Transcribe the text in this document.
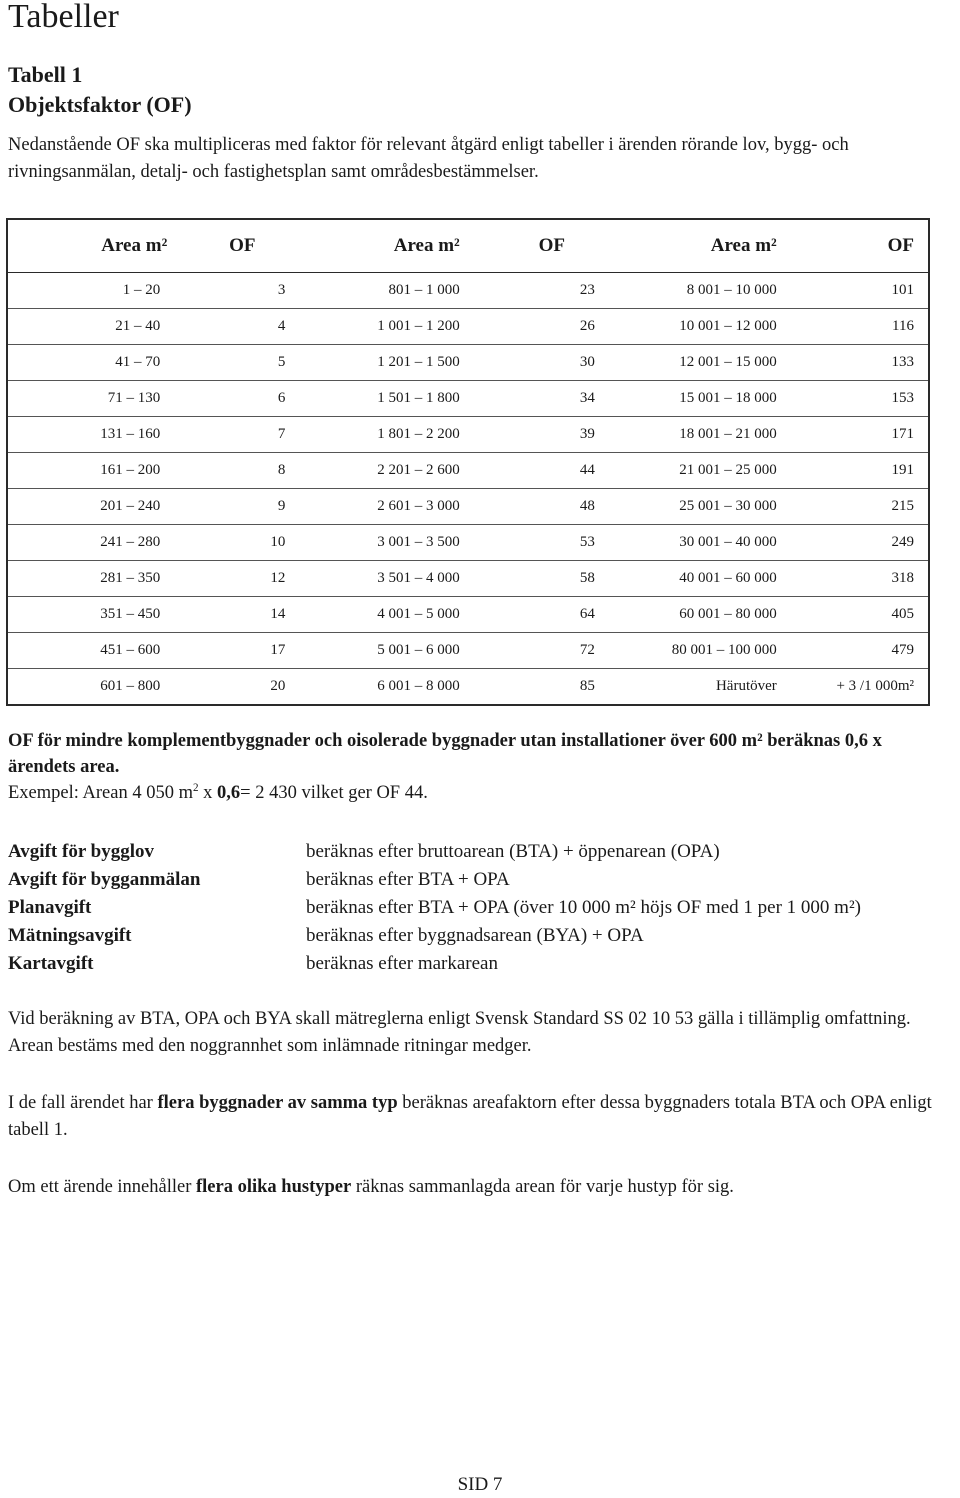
Tabeller
Tabell 1
Objektsfaktor (OF)

Nedanstående OF ska multipliceras med faktor för relevant åtgärd enligt tabeller i ärenden rörande lov, bygg- och rivningsanmälan, detalj- och fastighetsplan samt områdesbestämmelser.

Area m²	OF	Area m²	OF	Area m²	OF
1 – 20	3	801 – 1 000	23	8 001 – 10 000	101
21 – 40	4	1 001 – 1 200	26	10 001 – 12 000	116
41 – 70	5	1 201 – 1 500	30	12 001 – 15 000	133
71 – 130	6	1 501 – 1 800	34	15 001 – 18 000	153
131 – 160	7	1 801 – 2 200	39	18 001 – 21 000	171
161 – 200	8	2 201 – 2 600	44	21 001 – 25 000	191
201 – 240	9	2 601 – 3 000	48	25 001 – 30 000	215
241 – 280	10	3 001 – 3 500	53	30 001 – 40 000	249
281 – 350	12	3 501 – 4 000	58	40 001 – 60 000	318
351 – 450	14	4 001 – 5 000	64	60 001 – 80 000	405
451 – 600	17	5 001 – 6 000	72	80 001 – 100 000	479
601 – 800	20	6 001 – 8 000	85	Härutöver	+ 3 /1 000m²
OF för mindre komplementbyggnader och oisolerade byggnader utan installationer över 600 m² beräknas 0,6 x ärendets area.
Exempel: Arean 4 050 $m^2$ x 0,6= 2 430 vilket ger OF 44.
Avgift för bygglov	beräknas efter bruttoarean (BTA) + öppenarean (OPA)
Avgift för bygganmälan	beräknas efter BTA + OPA
Planavgift	beräknas efter BTA + OPA (över 10 000 m² höjs OF med 1 per 1 000 m²)
Mätningsavgift	beräknas efter byggnadsarean (BYA) + OPA
Kartavgift	beräknas efter markarean

Vid beräkning av BTA, OPA och BYA skall mätreglerna enligt Svensk Standard SS 02 10 53 gälla i tillämplig omfattning. Arean bestäms med den noggrannhet som inlämnade ritningar medger.

I de fall ärendet har flera byggnader av samma typ beräknas areafaktorn efter dessa byggnaders totala BTA och OPA enligt tabell 1.

Om ett ärende innehåller flera olika hustyper räknas sammanlagda arean för varje hustyp för sig.

SID 7
